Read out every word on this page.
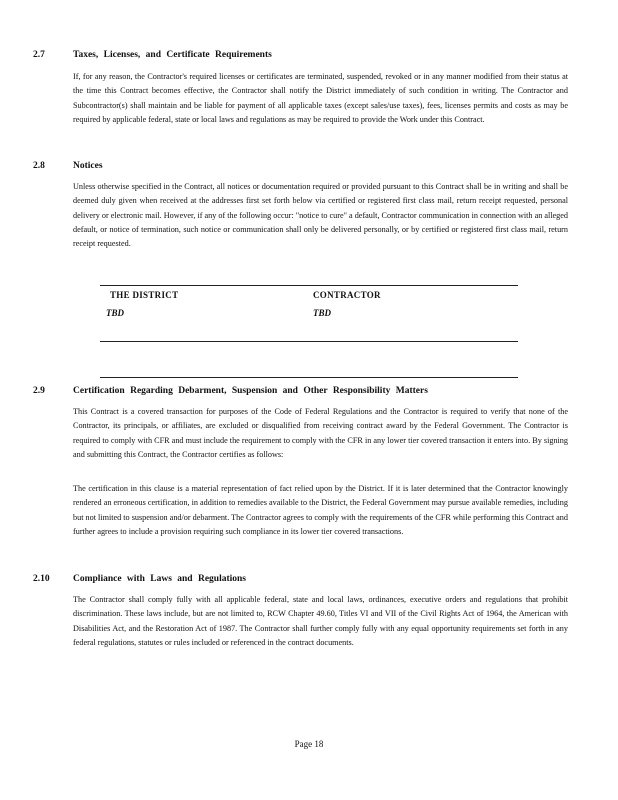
2.7	Taxes, Licenses, and Certificate Requirements

If, for any reason, the Contractor's required licenses or certificates are terminated, suspended, revoked or in any manner modified from their status at the time this Contract becomes effective, the Contractor shall notify the District immediately of such condition in writing. The Contractor and Subcontractor(s) shall maintain and be liable for payment of all applicable taxes (except sales/use taxes), fees, licenses permits and costs as may be required by applicable federal, state or local laws and regulations as may be required to provide the Work under this Contract.

2.8	Notices

Unless otherwise specified in the Contract, all notices or documentation required or provided pursuant to this Contract shall be in writing and shall be deemed duly given when received at the addresses first set forth below via certified or registered first class mail, return receipt requested, personal delivery or electronic mail. However, if any of the following occur: "notice to cure" a default, Contractor communication in connection with an alleged default, or notice of termination, such notice or communication shall only be delivered personally, or by certified or registered first class mail, return receipt requested.

THE DISTRICT	CONTRACTOR
TBD	TBD
2.9	Certification Regarding Debarment, Suspension and Other Responsibility Matters

This Contract is a covered transaction for purposes of the Code of Federal Regulations and the Contractor is required to verify that none of the Contractor, its principals, or affiliates, are excluded or disqualified from receiving contract award by the Federal Government. The Contractor is required to comply with CFR and must include the requirement to comply with the CFR in any lower tier covered transaction it enters into. By signing and submitting this Contract, the Contractor certifies as follows:

The certification in this clause is a material representation of fact relied upon by the District. If it is later determined that the Contractor knowingly rendered an erroneous certification, in addition to remedies available to the District, the Federal Government may pursue available remedies, including but not limited to suspension and/or debarment. The Contractor agrees to comply with the requirements of the CFR while performing this Contract and further agrees to include a provision requiring such compliance in its lower tier covered transactions.

2.10 Compliance with Laws and Regulations

The Contractor shall comply fully with all applicable federal, state and local laws, ordinances, executive orders and regulations that prohibit discrimination. These laws include, but are not limited to, RCW Chapter 49.60, Titles VI and VII of the Civil Rights Act of 1964, the American with Disabilities Act, and the Restoration Act of 1987. The Contractor shall further comply fully with any equal opportunity requirements set forth in any federal regulations, statutes or rules included or referenced in the contract documents.

Page 18
